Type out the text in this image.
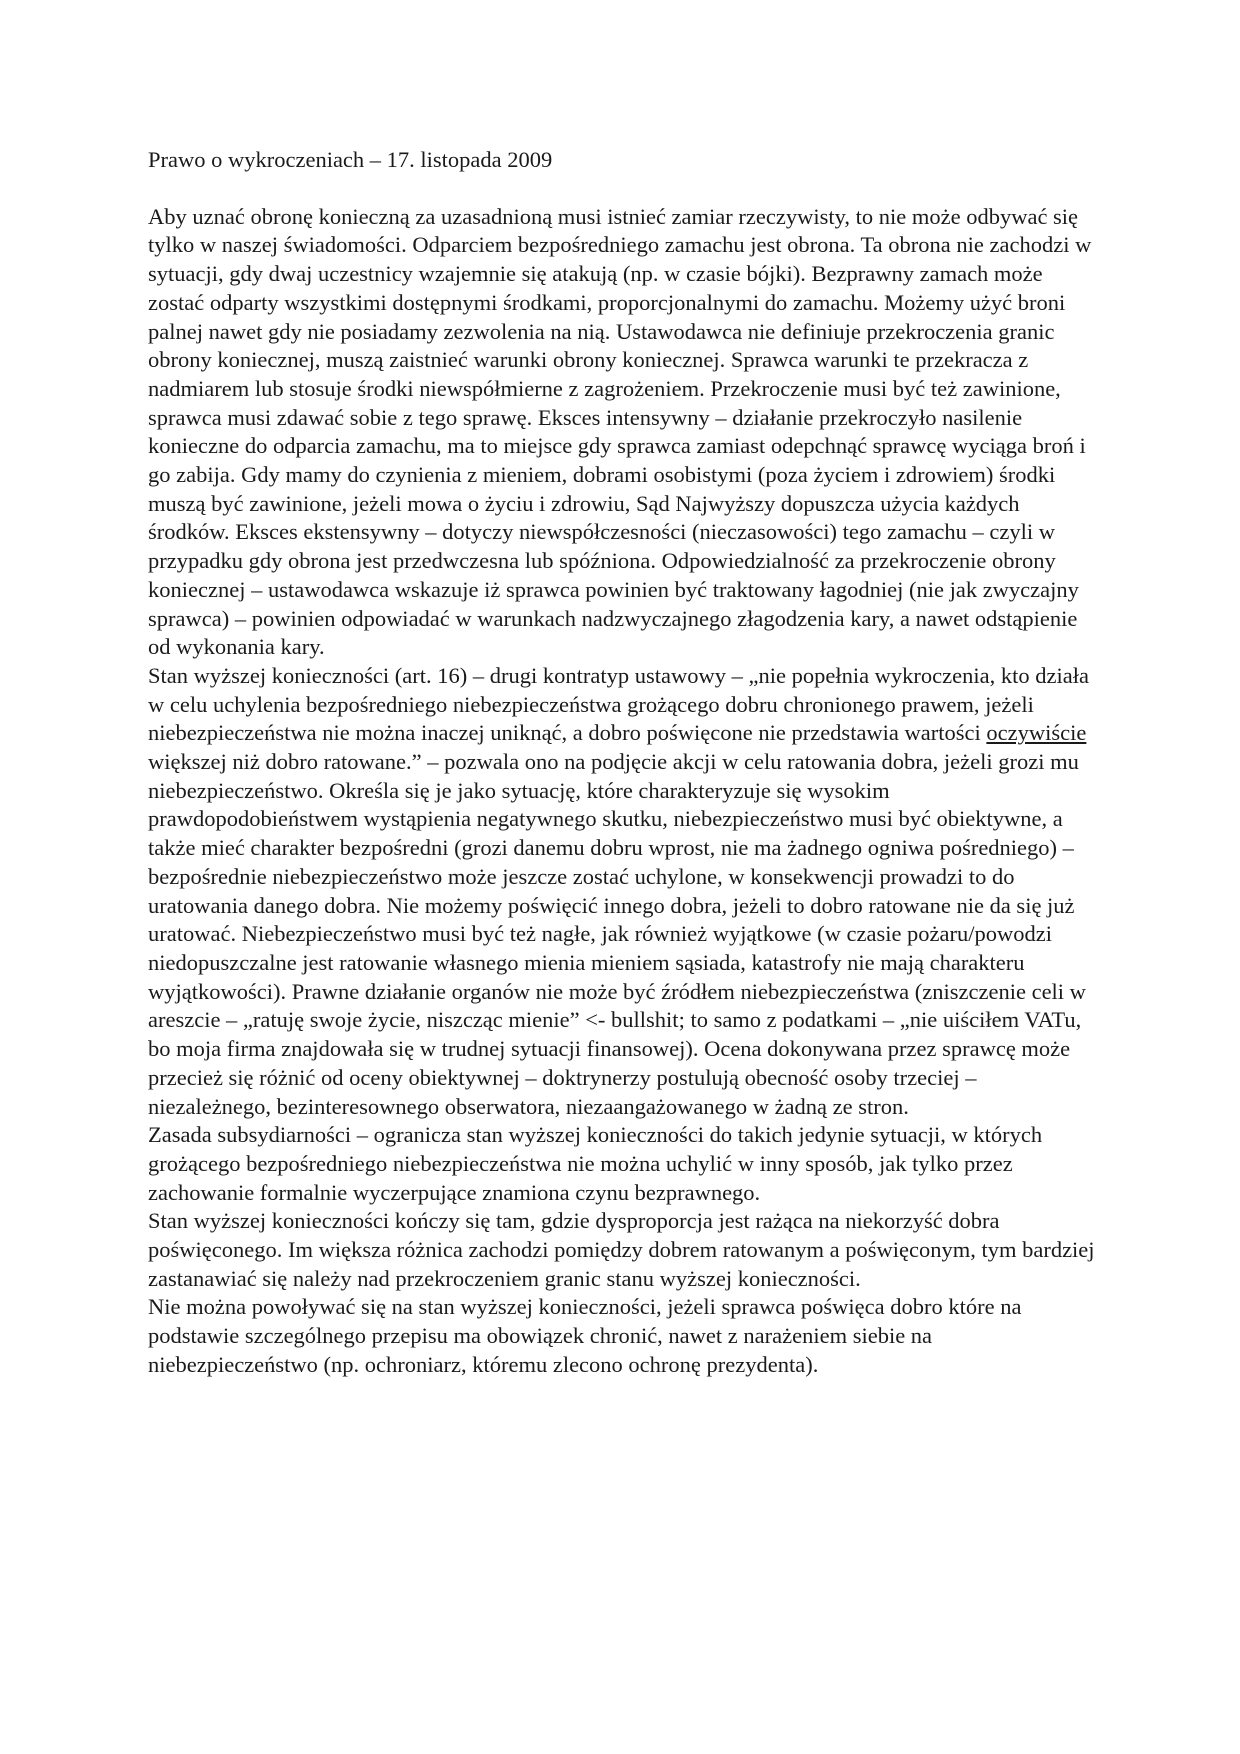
Prawo o wykroczeniach – 17. listopada 2009

Aby uznać obronę konieczną za uzasadnioną musi istnieć zamiar rzeczywisty, to nie może odbywać się tylko w naszej świadomości. Odparciem bezpośredniego zamachu jest obrona. Ta obrona nie zachodzi w sytuacji, gdy dwaj uczestnicy wzajemnie się atakują (np. w czasie bójki). Bezprawny zamach może zostać odparty wszystkimi dostępnymi środkami, proporcjonalnymi do zamachu. Możemy użyć broni palnej nawet gdy nie posiadamy zezwolenia na nią. Ustawodawca nie definiuje przekroczenia granic obrony koniecznej, muszą zaistnieć warunki obrony koniecznej. Sprawca warunki te przekracza z nadmiarem lub stosuje środki niewspółmierne z zagrożeniem. Przekroczenie musi być też zawinione, sprawca musi zdawać sobie z tego sprawę. Eksces intensywny – działanie przekroczyło nasilenie konieczne do odparcia zamachu, ma to miejsce gdy sprawca zamiast odepchnąć sprawcę wyciąga broń i go zabija. Gdy mamy do czynienia z mieniem, dobrami osobistymi (poza życiem i zdrowiem) środki muszą być zawinione, jeżeli mowa o życiu i zdrowiu, Sąd Najwyższy dopuszcza użycia każdych środków. Eksces ekstensywny – dotyczy niewspółczesności (nieczasowości) tego zamachu – czyli w przypadku gdy obrona jest przedwczesna lub spóźniona. Odpowiedzialność za przekroczenie obrony koniecznej – ustawodawca wskazuje iż sprawca powinien być traktowany łagodniej (nie jak zwyczajny sprawca) – powinien odpowiadać w warunkach nadzwyczajnego złagodzenia kary, a nawet odstąpienie od wykonania kary.

Stan wyższej konieczności (art. 16) – drugi kontratyp ustawowy – „nie popełnia wykroczenia, kto działa w celu uchylenia bezpośredniego niebezpieczeństwa grożącego dobru chronionego prawem, jeżeli niebezpieczeństwa nie można inaczej uniknąć, a dobro poświęcone nie przedstawia wartości oczywiście większej niż dobro ratowane.” – pozwala ono na podjęcie akcji w celu ratowania dobra, jeżeli grozi mu niebezpieczeństwo. Określa się je jako sytuację, które charakteryzuje się wysokim prawdopodobieństwem wystąpienia negatywnego skutku, niebezpieczeństwo musi być obiektywne, a także mieć charakter bezpośredni (grozi danemu dobru wprost, nie ma żadnego ogniwa pośredniego) – bezpośrednie niebezpieczeństwo może jeszcze zostać uchylone, w konsekwencji prowadzi to do uratowania danego dobra. Nie możemy poświęcić innego dobra, jeżeli to dobro ratowane nie da się już uratować. Niebezpieczeństwo musi być też nagłe, jak również wyjątkowe (w czasie pożaru/powodzi niedopuszczalne jest ratowanie własnego mienia mieniem sąsiada, katastrofy nie mają charakteru wyjątkowości). Prawne działanie organów nie może być źródłem niebezpieczeństwa (zniszczenie celi w areszcie – „ratuję swoje życie, niszcząc mienie” <- bullshit; to samo z podatkami – „nie uiściłem VATu, bo moja firma znajdowała się w trudnej sytuacji finansowej). Ocena dokonywana przez sprawcę może przecież się różnić od oceny obiektywnej – doktrynerzy postulują obecność osoby trzeciej – niezależnego, bezinteresownego obserwatora, niezaangażowanego w żadną ze stron.

Zasada subsydiarności – ogranicza stan wyższej konieczności do takich jedynie sytuacji, w których grożącego bezpośredniego niebezpieczeństwa nie można uchylić w inny sposób, jak tylko przez zachowanie formalnie wyczerpujące znamiona czynu bezprawnego.

Stan wyższej konieczności kończy się tam, gdzie dysproporcja jest rażąca na niekorzyść dobra poświęconego. Im większa różnica zachodzi pomiędzy dobrem ratowanym a poświęconym, tym bardziej zastanawiać się należy nad przekroczeniem granic stanu wyższej konieczności.

Nie można powoływać się na stan wyższej konieczności, jeżeli sprawca poświęca dobro które na podstawie szczególnego przepisu ma obowiązek chronić, nawet z narażeniem siebie na niebezpieczeństwo (np. ochroniarz, któremu zlecono ochronę prezydenta).
